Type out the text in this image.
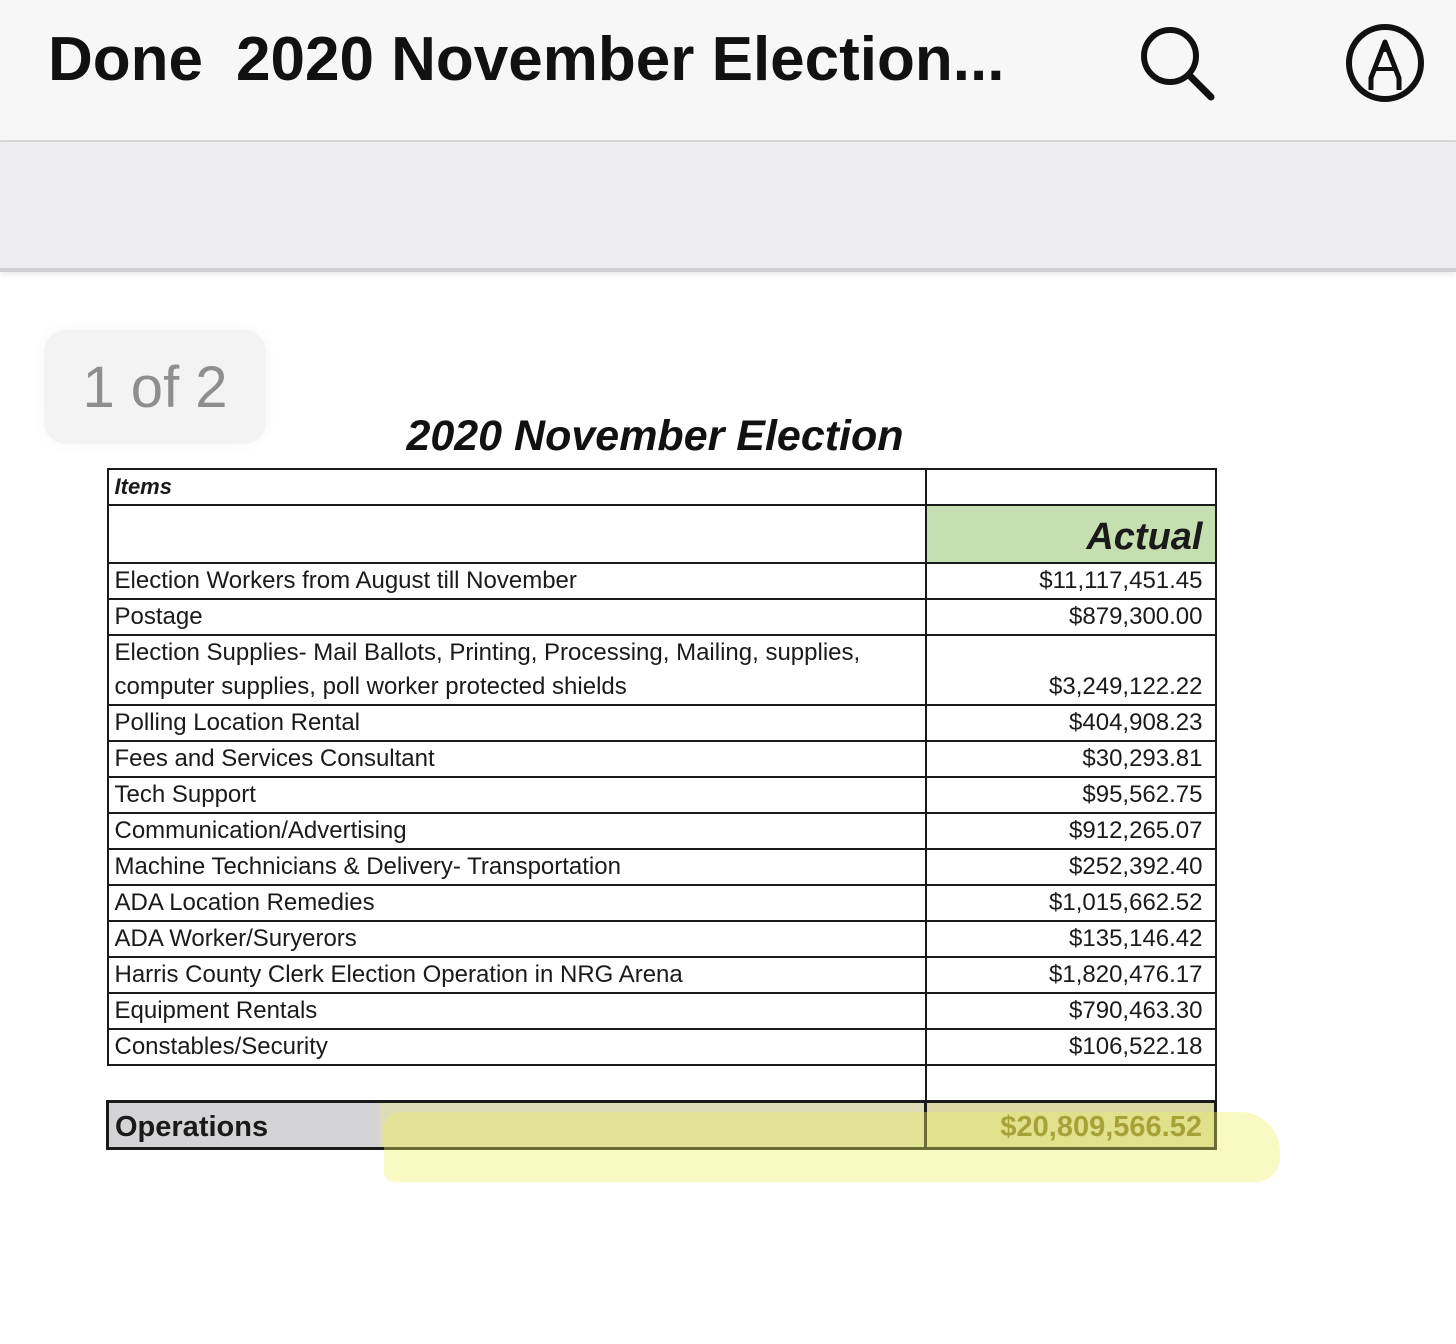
Done 2020 November Election...
1 of 2
2020 November Election
Items	
	Actual
Election Workers from August till November	$11,117,451.45
Postage	$879,300.00
Election Supplies- Mail Ballots, Printing, Processing, Mailing, supplies, computer supplies, poll worker protected shields	$3,249,122.22
Polling Location Rental	$404,908.23
Fees and Services Consultant	$30,293.81
Tech Support	$95,562.75
Communication/Advertising	$912,265.07
Machine Technicians & Delivery- Transportation	$252,392.40
ADA Location Remedies	$1,015,662.52
ADA Worker/Suryerors	$135,146.42
Harris County Clerk Election Operation in NRG Arena	$1,820,476.17
Equipment Rentals	$790,463.30
Constables/Security	$106,522.18

Operations	$20,809,566.52
